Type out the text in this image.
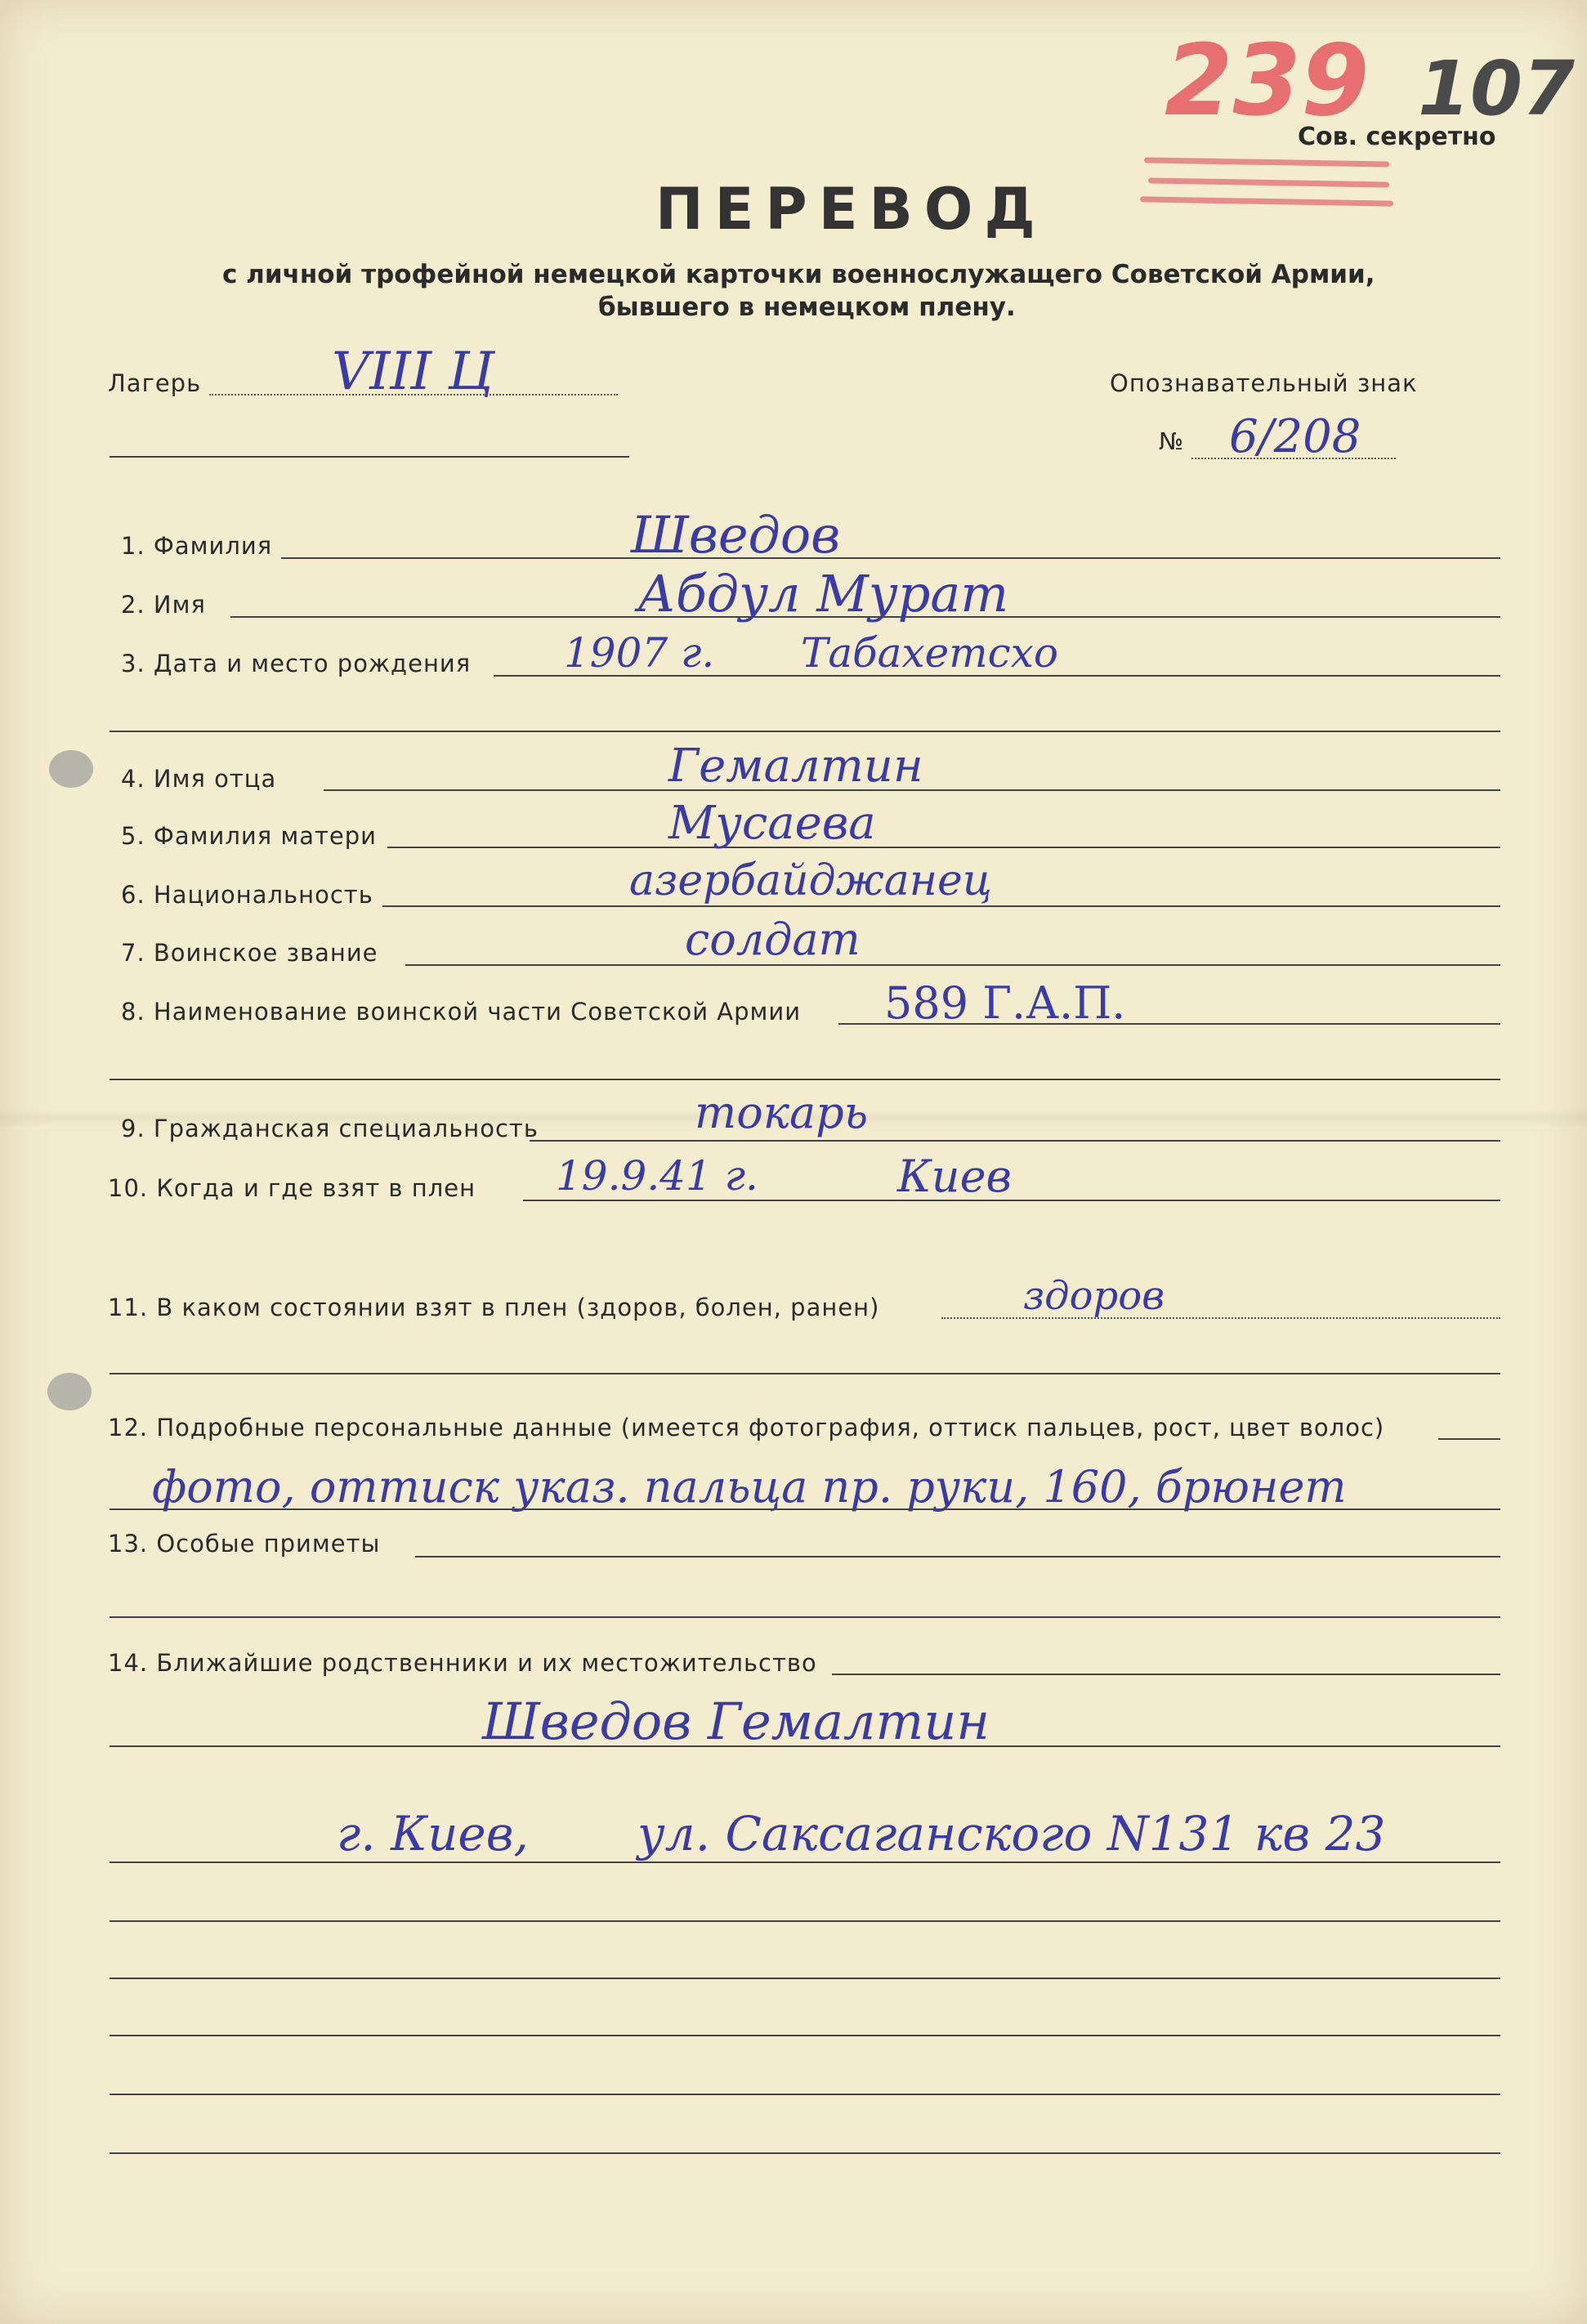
239 107
Сов. секретно
ПЕРЕВОД
с личной трофейной немецкой карточки военнослужащего Советской Армии,
бывшего в немецком плену.
Лагерь VIII Ц	Опознавательный знак
№ 6/208
1. Фамилия	Шведов
2. Имя	Абдул Мурат
3. Дата и место рождения 1907 г. Табахетсхо
4. Имя отца	Гемалтин
5. Фамилия матери	Мусаева
6. Национальность	азербайджанец
7. Воинское звание	солдат
8. Наименование воинской части Советской Армии 589 Г.А.П.
9. Гражданская специальность	токарь
10. Когда и где взят в плен 19.9.41 г.	Киев
11. В каком состоянии взят в плен (здоров, болен, ранен)	здоров
12. Подробные персональные данные (имеется фотография, оттиск пальцев, рост, цвет волос)
фото, оттиск указ. пальца пр. руки, 160, брюнет
13. Особые приметы
14. Ближайшие родственники и их местожительство
Шведов Гемалтин
г. Киев, ул. Саксаганского N131 кв 23
